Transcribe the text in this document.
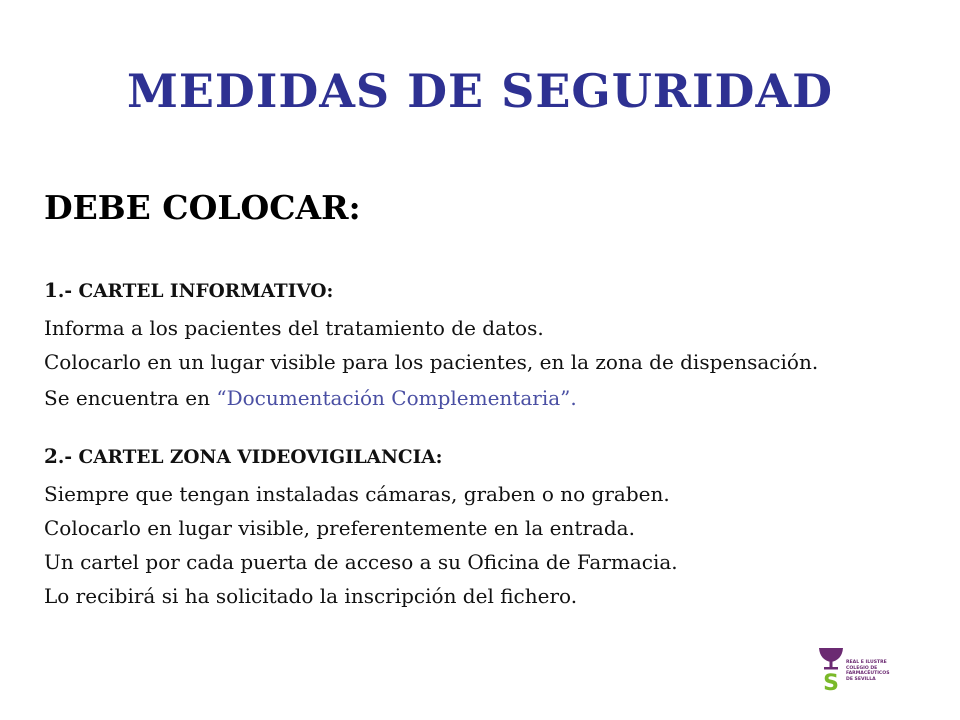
MEDIDAS DE SEGURIDAD
DEBE COLOCAR:

1.- CARTEL INFORMATIVO:

Informa a los pacientes del tratamiento de datos.

Colocarlo en un lugar visible para los pacientes, en la zona de dispensación.

Se encuentra en “Documentación Complementaria”.

2.- CARTEL ZONA VIDEOVIGILANCIA:

Siempre que tengan instaladas cámaras, graben o no graben.

Colocarlo en lugar visible, preferentemente en la entrada.

Un cartel por cada puerta de acceso a su Oficina de Farmacia.

Lo recibirá si ha solicitado la inscripción del fichero.

S
REAL E ILUSTRE
COLEGIO DE FARMACÉUTICOS
DE SEVILLA
